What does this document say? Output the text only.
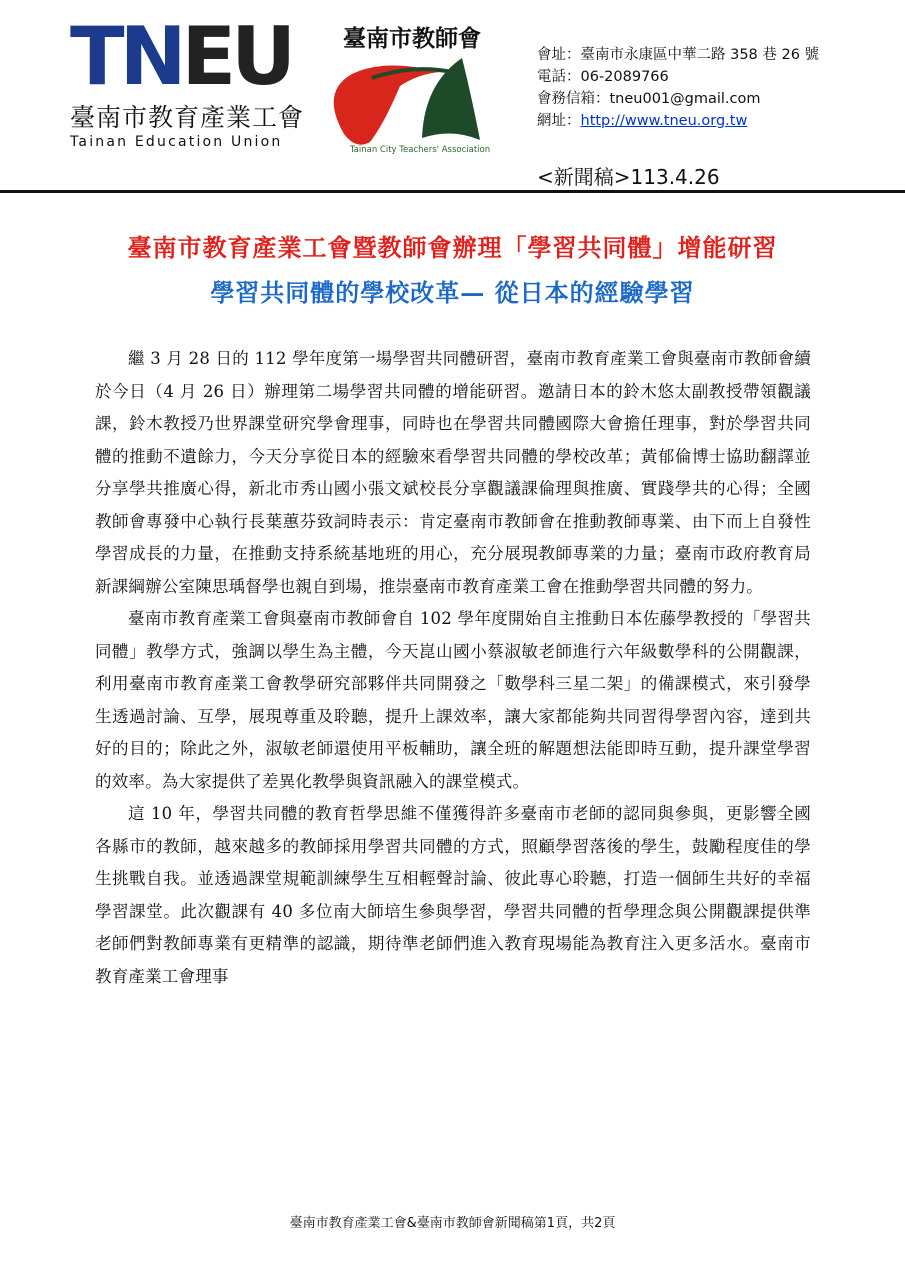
TN EU
臺南市教育產業工會
Tainan Education Union
臺南市教師會
Tainan City Teachers' Association
會址：臺南市永康區中華二路 358 巷 26 號
電話：06-2089766
會務信箱：tneu001@gmail.com
網址：http://www.tneu.org.tw
<新聞稿>113.4.26
臺南市教育產業工會暨教師會辦理「學習共同體」增能研習
學習共同體的學校改革— 從日本的經驗學習

繼 3 月 28 日的 112 學年度第一場學習共同體研習，臺南市教育產業工會與臺南市教師會續於今日（4 月 26 日）辦理第二場學習共同體的增能研習。邀請日本的鈴木悠太副教授帶領觀議課，鈴木教授乃世界課堂研究學會理事，同時也在學習共同體國際大會擔任理事，對於學習共同體的推動不遺餘力，今天分享從日本的經驗來看學習共同體的學校改革；黃郁倫博士協助翻譯並分享學共推廣心得，新北市秀山國小張文斌校長分享觀議課倫理與推廣、實踐學共的心得；全國教師會專發中心執行長葉蕙芬致詞時表示：肯定臺南市教師會在推動教師專業、由下而上自發性學習成長的力量，在推動支持系統基地班的用心，充分展現教師專業的力量；臺南市政府教育局新課綱辦公室陳思瑀督學也親自到場，推崇臺南市教育產業工會在推動學習共同體的努力。

臺南市教育產業工會與臺南市教師會自 102 學年度開始自主推動日本佐藤學教授的「學習共同體」教學方式，強調以學生為主體，今天崑山國小蔡淑敏老師進行六年級數學科的公開觀課，利用臺南市教育產業工會教學研究部夥伴共同開發之「數學科三星二架」的備課模式，來引發學生透過討論、互學，展現尊重及聆聽，提升上課效率，讓大家都能夠共同習得學習內容，達到共好的目的；除此之外，淑敏老師還使用平板輔助，讓全班的解題想法能即時互動，提升課堂學習的效率。為大家提供了差異化教學與資訊融入的課堂模式。

這 10 年，學習共同體的教育哲學思維不僅獲得許多臺南市老師的認同與參與，更影響全國各縣市的教師，越來越多的教師採用學習共同體的方式，照顧學習落後的學生，鼓勵程度佳的學生挑戰自我。並透過課堂規範訓練學生互相輕聲討論、彼此專心聆聽，打造一個師生共好的幸福學習課堂。此次觀課有 40 多位南大師培生參與學習，學習共同體的哲學理念與公開觀課提供準老師們對教師專業有更精準的認識，期待準老師們進入教育現場能為教育注入更多活水。臺南市教育產業工會理事

臺南市教育產業工會&臺南市教師會新聞稿第1頁，共2頁
